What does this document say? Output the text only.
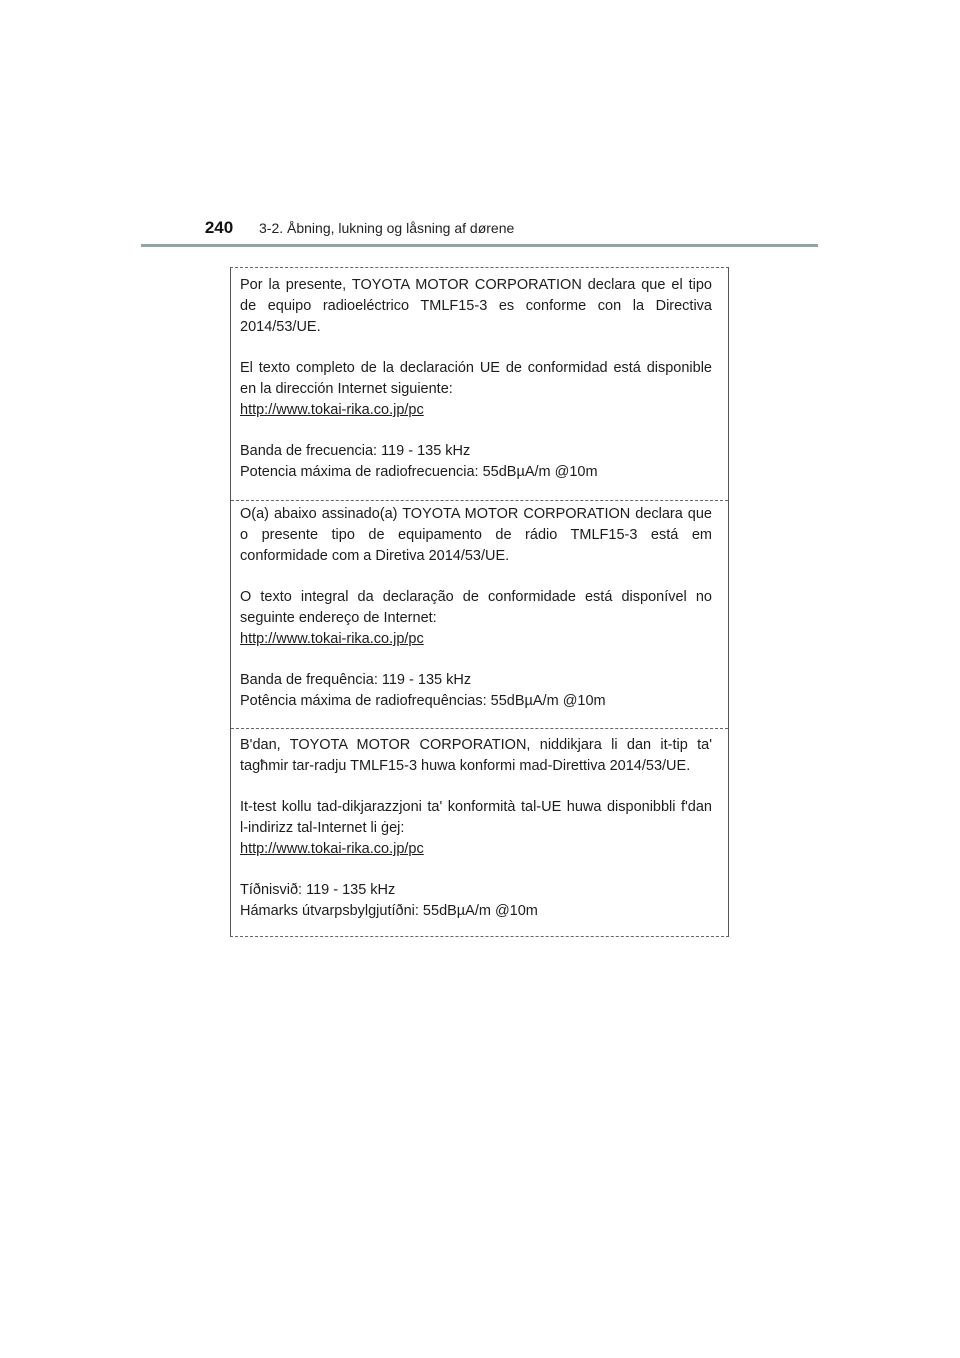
240	3-2. Åbning, lukning og låsning af dørene

Por la presente, TOYOTA MOTOR CORPORATION declara que el tipo de equipo radioeléctrico TMLF15-3 es conforme con la Directiva 2014/53/UE.

El texto completo de la declaración UE de conformidad está disponible en la dirección Internet siguiente:

http://www.tokai-rika.co.jp/pc

Banda de frecuencia: 119 - 135 kHz

Potencia máxima de radiofrecuencia: 55dBµA/m @10m

O(a) abaixo assinado(a) TOYOTA MOTOR CORPORATION declara que o presente tipo de equipamento de rádio TMLF15-3 está em conformidade com a Diretiva 2014/53/UE.

O texto integral da declaração de conformidade está disponível no seguinte endereço de Internet:

http://www.tokai-rika.co.jp/pc

Banda de frequência: 119 - 135 kHz

Potência máxima de radiofrequências: 55dBµA/m @10m

B'dan, TOYOTA MOTOR CORPORATION, niddikjara li dan it-tip ta' tagħmir tar-radju TMLF15-3 huwa konformi mad-Direttiva 2014/53/UE.

It-test kollu tad-dikjarazzjoni ta' konformità tal-UE huwa disponibbli f'dan l-indirizz tal-Internet li ġej:

http://www.tokai-rika.co.jp/pc

Tíðnisvið: 119 - 135 kHz

Hámarks útvarpsbylgjutíðni: 55dBµA/m @10m
